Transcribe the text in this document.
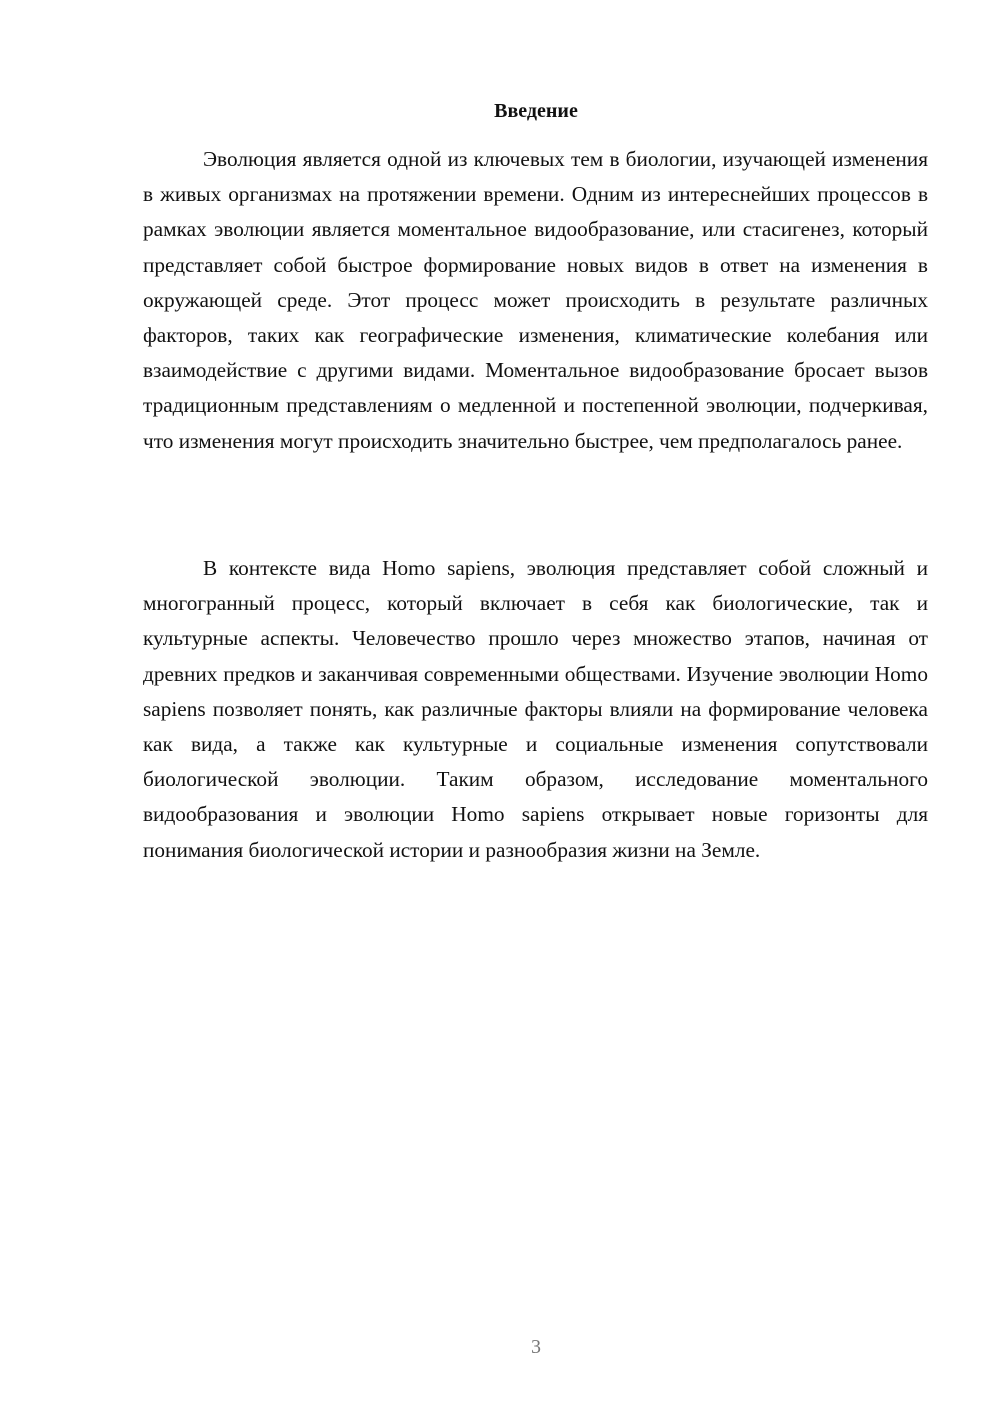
Введение

Эволюция является одной из ключевых тем в биологии, изучающей изменения в живых организмах на протяжении времени. Одним из интереснейших процессов в рамках эволюции является моментальное видообразование, или стасигенез, который представляет собой быстрое формирование новых видов в ответ на изменения в окружающей среде. Этот процесс может происходить в результате различных факторов, таких как географические изменения, климатические колебания или взаимодействие с другими видами. Моментальное видообразование бросает вызов традиционным представлениям о медленной и постепенной эволюции, подчеркивая, что изменения могут происходить значительно быстрее, чем предполагалось ранее.

В контексте вида Homo sapiens, эволюция представляет собой сложный и многогранный процесс, который включает в себя как биологические, так и культурные аспекты. Человечество прошло через множество этапов, начиная от древних предков и заканчивая современными обществами. Изучение эволюции Homo sapiens позволяет понять, как различные факторы влияли на формирование человека как вида, а также как культурные и социальные изменения сопутствовали биологической эволюции. Таким образом, исследование моментального видообразования и эволюции Homo sapiens открывает новые горизонты для понимания биологической истории и разнообразия жизни на Земле.

3
